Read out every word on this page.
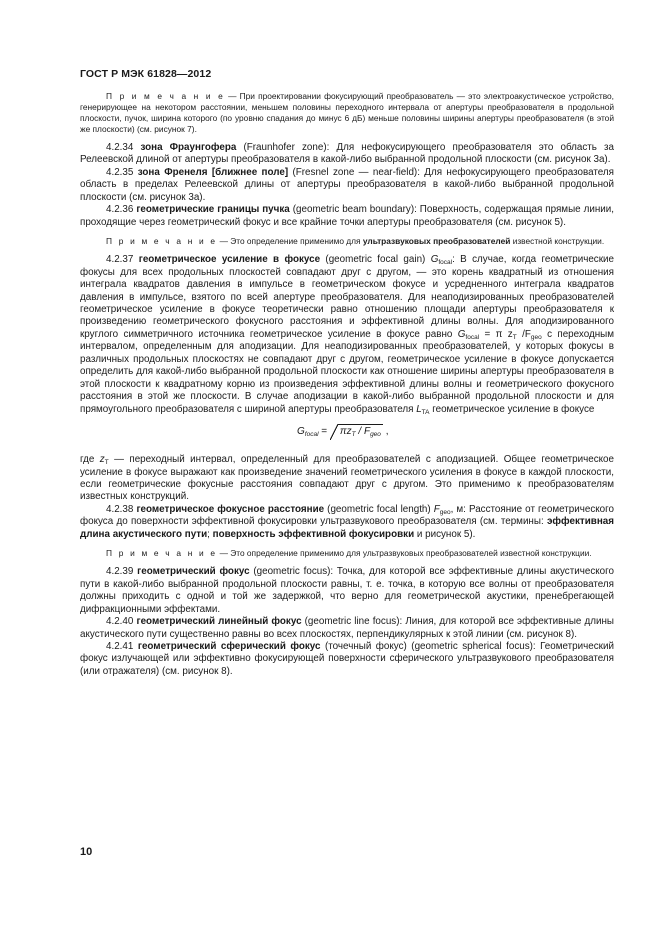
ГОСТ Р МЭК 61828—2012

П р и м е ч а н и е — При проектировании фокусирующий преобразователь — это электроакустическое устройство, генерирующее на некотором расстоянии, меньшем половины переходного интервала от апертуры преобразователя в продольной плоскости, пучок, ширина которого (по уровню спадания до минус 6 дБ) меньше половины ширины апертуры преобразователя (в этой же плоскости) (см. рисунок 7).

4.2.34 зона Фраунгофера (Fraunhofer zone): Для нефокусирующего преобразователя это область за Релеевской длиной от апертуры преобразователя в какой-либо выбранной продольной плоскости (см. рисунок 3а).

4.2.35 зона Френеля [ближнее поле] (Fresnel zone — near-field): Для нефокусирующего преобразователя область в пределах Релеевской длины от апертуры преобразователя в какой-либо выбранной продольной плоскости (см. рисунок 3а).

4.2.36 геометрические границы пучка (geometric beam boundary): Поверхность, содержащая прямые линии, проходящие через геометрический фокус и все крайние точки апертуры преобразователя (см. рисунок 5).

П р и м е ч а н и е — Это определение применимо для ультразвуковых преобразователей известной конструкции.

4.2.37 геометрическое усиление в фокусе (geometric focal gain) $G_{focal}$: В случае, когда геометрические фокусы для всех продольных плоскостей совпадают друг с другом, — это корень квадратный из отношения интеграла квадратов давления в импульсе в геометрическом фокусе и усредненного интеграла квадратов давления в импульсе, взятого по всей апертуре преобразователя. Для неаподизированных преобразователей геометрическое усиление в фокусе теоретически равно отношению площади апертуры преобразователя к произведению геометрического фокусного расстояния и эффективной длины волны. Для аподизированного круглого симметричного источника геометрическое усиление в фокусе равно $G_{focal} = \pi$ $z_T$ $/F_{geo}$ с переходным интервалом, определенным для аподизации. Для неаподизированных преобразователей, у которых фокусы в различных продольных плоскостях не совпадают друг с другом, геометрическое усиление в фокусе допускается определить для какой-либо выбранной продольной плоскости как отношение ширины апертуры преобразователя в этой плоскости к квадратному корню из произведения эффективной длины волны и геометрического фокусного расстояния в этой же плоскости. В случае аподизации в какой-либо выбранной продольной плоскости и для прямоугольного преобразователя с шириной апертуры преобразователя $L_{TA}$ геометрическое усиление в фокусе

$G_{focal} = \pi z_T / F_{geo}$ ,

где $z_T$ — переходный интервал, определенный для преобразователей с аподизацией. Общее геометрическое усиление в фокусе выражают как произведение значений геометрического усиления в фокусе в каждой плоскости, если геометрические фокусные расстояния совпадают друг с другом. Это применимо к преобразователям известных конструкций.

4.2.38 геометрическое фокусное расстояние (geometric focal length) $F_{geo}$, м: Расстояние от геометрического фокуса до поверхности эффективной фокусировки ультразвукового преобразователя (см. термины: эффективная длина акустического пути; поверхность эффективной фокусировки и рисунок 5).

П р и м е ч а н и е — Это определение применимо для ультразвуковых преобразователей известной конструкции.

4.2.39 геометрический фокус (geometric focus): Точка, для которой все эффективные длины акустического пути в какой-либо выбранной продольной плоскости равны, т. е. точка, в которую все волны от преобразователя должны приходить с одной и той же задержкой, что верно для геометрической акустики, пренебрегающей дифракционными эффектами.

4.2.40 геометрический линейный фокус (geometric line focus): Линия, для которой все эффективные длины акустического пути существенно равны во всех плоскостях, перпендикулярных к этой линии (см. рисунок 8).

4.2.41 геометрический сферический фокус (точечный фокус) (geometric spherical focus): Геометрический фокус излучающей или эффективно фокусирующей поверхности сферического ультразвукового преобразователя (или отражателя) (см. рисунок 8).

10
